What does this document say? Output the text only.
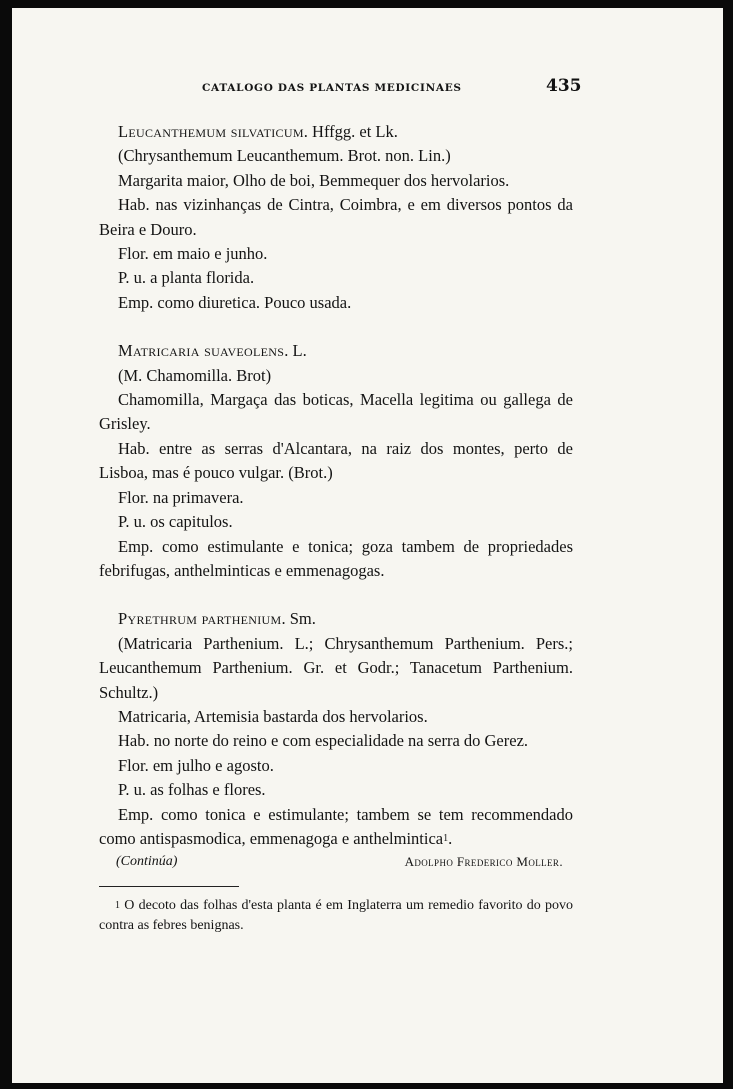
CATALOGO DAS PLANTAS MEDICINAES	435

Leucanthemum silvaticum. Hffgg. et Lk.

(Chrysanthemum Leucanthemum. Brot. non. Lin.)

Margarita maior, Olho de boi, Bemmequer dos hervolarios.

Hab. nas vizinhanças de Cintra, Coimbra, e em diversos pontos da Beira e Douro.

Flor. em maio e junho.

P. u. a planta florida.

Emp. como diuretica. Pouco usada.

Matricaria suaveolens. L.

(M. Chamomilla. Brot)

Chamomilla, Margaça das boticas, Macella legitima ou gallega de Grisley.

Hab. entre as serras d'Alcantara, na raiz dos montes, perto de Lisboa, mas é pouco vulgar. (Brot.)

Flor. na primavera.

P. u. os capitulos.

Emp. como estimulante e tonica; goza tambem de propriedades febrifugas, anthelminticas e emmenagogas.

Pyrethrum parthenium. Sm.

(Matricaria Parthenium. L.; Chrysanthemum Parthenium. Pers.; Leucanthemum Parthenium. Gr. et Godr.; Tanacetum Parthenium. Schultz.)

Matricaria, Artemisia bastarda dos hervolarios.

Hab. no norte do reino e com especialidade na serra do Gerez.

Flor. em julho e agosto.

P. u. as folhas e flores.

Emp. como tonica e estimulante; tambem se tem recommendado como antispasmodica, emmenagoga e anthelmintica$^1$.

(Continúa)	Adolpho Frederico Moller.

$^1$ O decoto das folhas d'esta planta é em Inglaterra um remedio favorito do povo contra as febres benignas.
